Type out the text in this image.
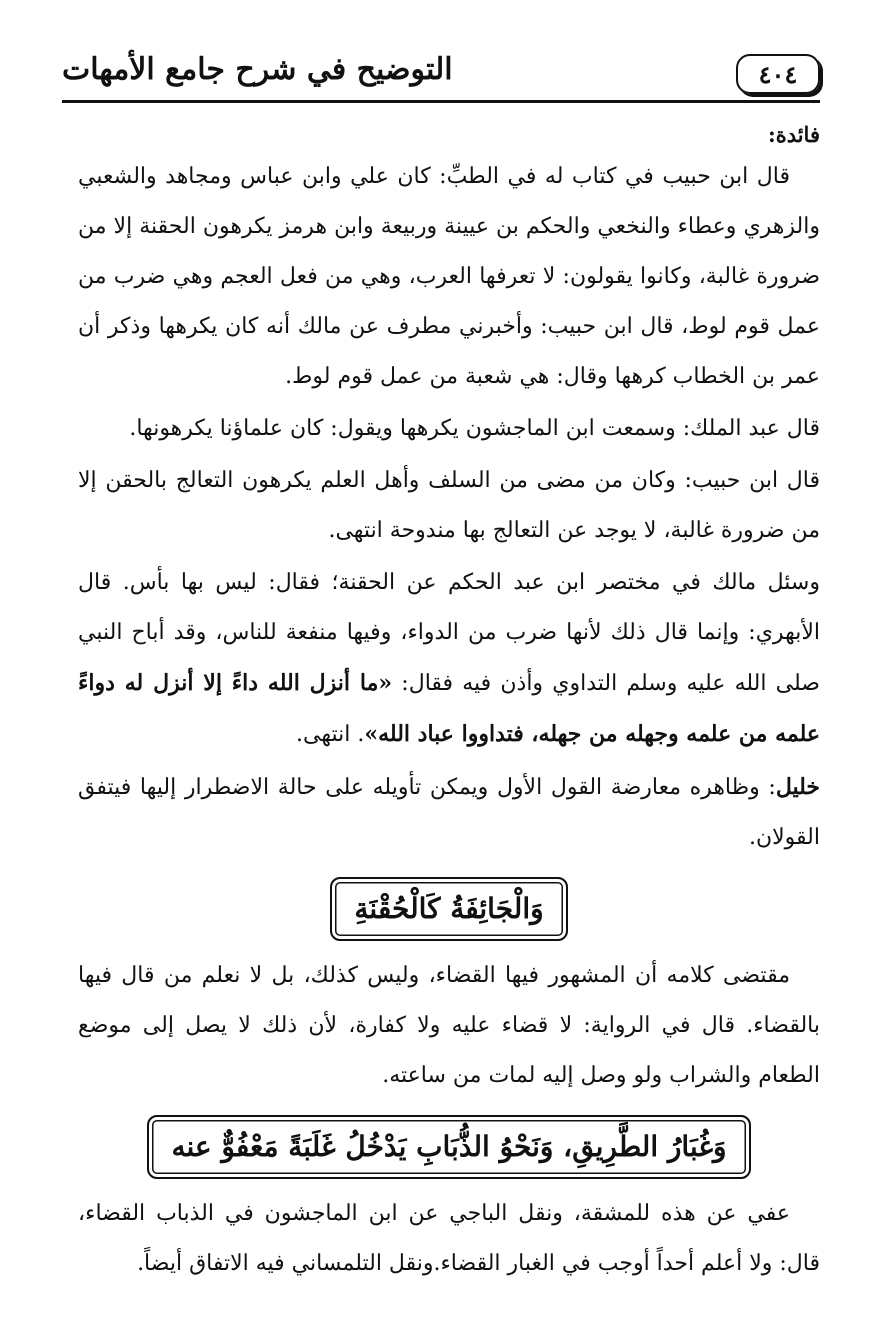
التوضيح في شرح جامع الأمهات	٤٠٤
فائدة:

قال ابن حبيب في كتاب له في الطبِّ: كان علي وابن عباس ومجاهد والشعبي والزهري وعطاء والنخعي والحكم بن عيينة وربيعة وابن هرمز يكرهون الحقنة إلا من ضرورة غالبة، وكانوا يقولون: لا تعرفها العرب، وهي من فعل العجم وهي ضرب من عمل قوم لوط، قال ابن حبيب: وأخبرني مطرف عن مالك أنه كان يكرهها وذكر أن عمر بن الخطاب كرهها وقال: هي شعبة من عمل قوم لوط.

قال عبد الملك: وسمعت ابن الماجشون يكرهها ويقول: كان علماؤنا يكرهونها.

قال ابن حبيب: وكان من مضى من السلف وأهل العلم يكرهون التعالج بالحقن إلا من ضرورة غالبة، لا يوجد عن التعالج بها مندوحة انتهى.

وسئل مالك في مختصر ابن عبد الحكم عن الحقنة؛ فقال: ليس بها بأس. قال الأبهري: وإنما قال ذلك لأنها ضرب من الدواء، وفيها منفعة للناس، وقد أباح النبي صلى الله عليه وسلم التداوي وأذن فيه فقال: «ما أنزل الله داءً إلا أنزل له دواءً علمه من علمه وجهله من جهله، فتداووا عباد الله». انتهى.

خليل: وظاهره معارضة القول الأول ويمكن تأويله على حالة الاضطرار إليها فيتفق القولان.

وَالْجَائِفَةُ كَالْحُقْنَةِ

مقتضى كلامه أن المشهور فيها القضاء، وليس كذلك، بل لا نعلم من قال فيها بالقضاء. قال في الرواية: لا قضاء عليه ولا كفارة، لأن ذلك لا يصل إلى موضع الطعام والشراب ولو وصل إليه لمات من ساعته.

وَغُبَارُ الطَّرِيقِ، وَنَحْوُ الذُّبَابِ يَدْخُلُ غَلَبَةً مَعْفُوٌّ عنه

عفي عن هذه للمشقة، ونقل الباجي عن ابن الماجشون في الذباب القضاء، قال: ولا أعلم أحداً أوجب في الغبار القضاء.ونقل التلمساني فيه الاتفاق أيضاً.
